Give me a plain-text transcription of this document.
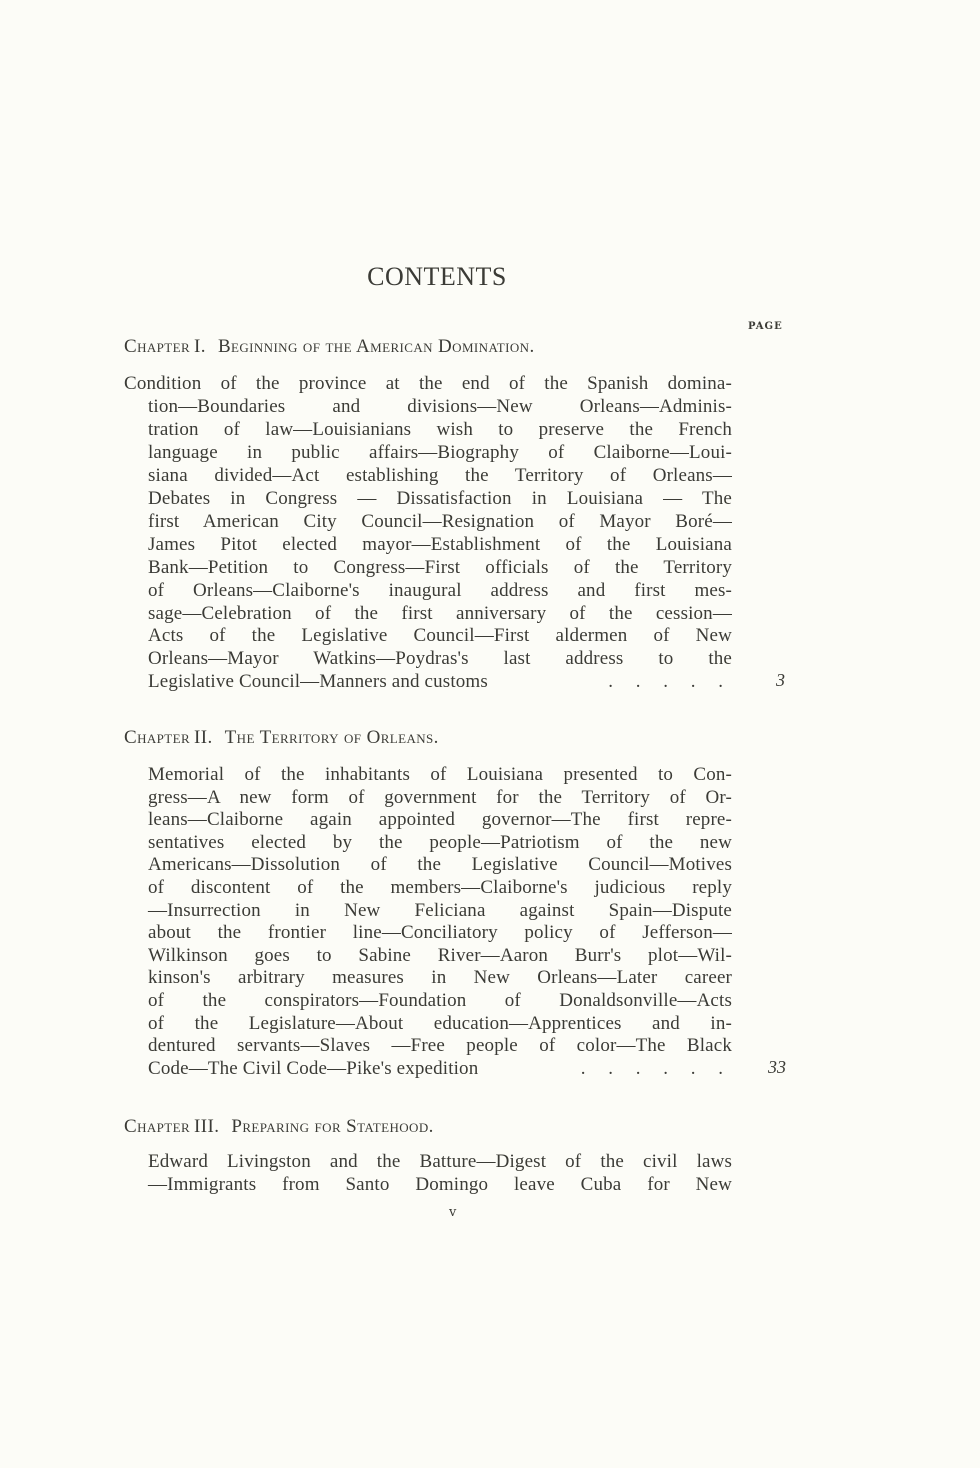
CONTENTS
PAGE
Chapter I. Beginning of the American Domination.
Condition of the province at the end of the Spanish domina-
tion—Boundaries and divisions—New Orleans—Adminis-
tration of law—Louisianians wish to preserve the French
language in public affairs—Biography of Claiborne—Loui-
siana divided—Act establishing the Territory of Orleans—
Debates in Congress — Dissatisfaction in Louisiana — The
first American City Council—Resignation of Mayor Boré—
James Pitot elected mayor—Establishment of the Louisiana
Bank—Petition to Congress—First officials of the Territory
of Orleans—Claiborne's inaugural address and first mes-
sage—Celebration of the first anniversary of the cession—
Acts of the Legislative Council—First aldermen of New
Orleans—Mayor Watkins—Poydras's last address to the
Legislative Council—Manners and customs	. . . . . 3
Chapter II. The Territory of Orleans.
Memorial of the inhabitants of Louisiana presented to Con-
gress—A new form of government for the Territory of Or-
leans—Claiborne again appointed governor—The first repre-
sentatives elected by the people—Patriotism of the new
Americans—Dissolution of the Legislative Council—Motives
of discontent of the members—Claiborne's judicious reply
—Insurrection in New Feliciana against Spain—Dispute
about the frontier line—Conciliatory policy of Jefferson—
Wilkinson goes to Sabine River—Aaron Burr's plot—Wil-
kinson's arbitrary measures in New Orleans—Later career
of the conspirators—Foundation of Donaldsonville—Acts
of the Legislature—About education—Apprentices and in-
dentured servants—Slaves —Free people of color—The Black
Code—The Civil Code—Pike's expedition	. . . . . . 33
Chapter III. Preparing for Statehood.
Edward Livingston and the Batture—Digest of the civil laws
—Immigrants from Santo Domingo leave Cuba for New
v
